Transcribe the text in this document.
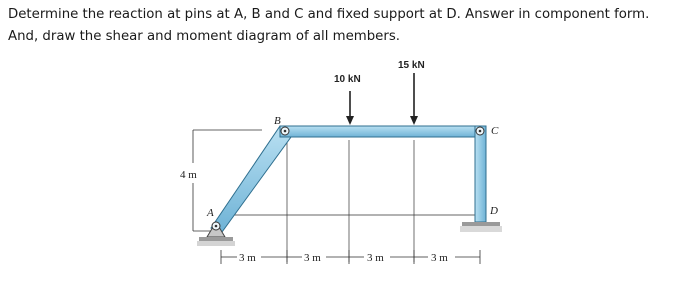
Determine the reaction at pins at A, B and C and fixed support at D. Answer in component form. And, draw the shear and moment diagram of all members.

4 m
10 kN
15 kN
B
C
A	D
3 m	3 m	3 m	3 m
